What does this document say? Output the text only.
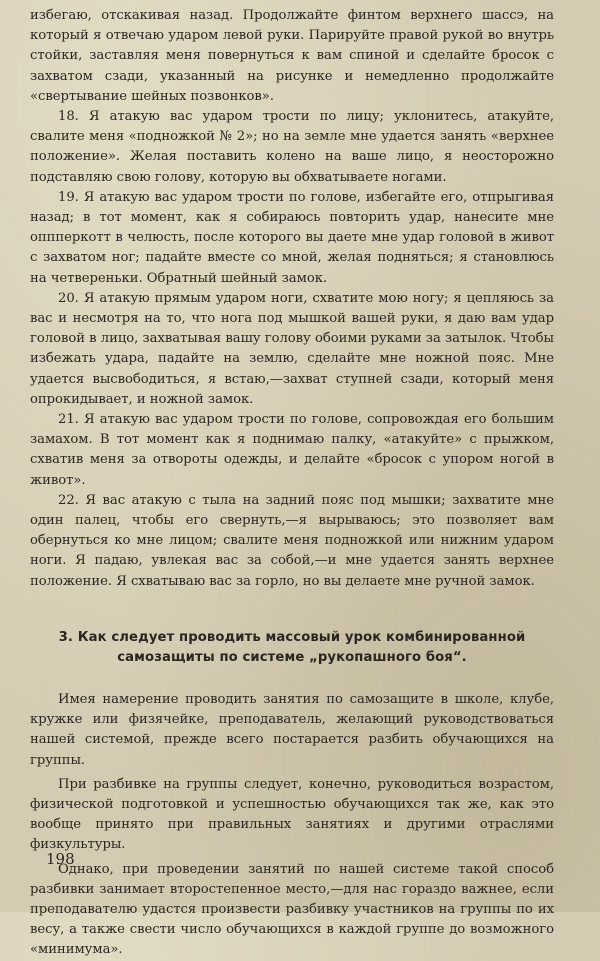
избегаю, отскакивая назад. Продолжайте финтом верхнего шассэ, на который я отвечаю ударом левой руки. Парируйте правой рукой во внутрь стойки, заставляя меня повернуться к вам спиной и сделайте бросок с захватом сзади, указанный на рисунке и немедленно продолжайте «свертывание шейных позвонков».

18. Я атакую вас ударом трости по лицу; уклонитесь, атакуйте, свалите меня «подножкой № 2»; но на земле мне удается занять «верхнее положение». Желая поставить колено на ваше лицо, я неосторожно подставляю свою голову, которую вы обхватываете ногами.

19. Я атакую вас ударом трости по голове, избегайте его, отпрыгивая назад; в тот момент, как я собираюсь повторить удар, нанесите мне оппперкотт в челюсть, после которого вы даете мне удар головой в живот с захватом ног; падайте вместе со мной, желая подняться; я становлюсь на четвереньки. Обратный шейный замок.

20. Я атакую прямым ударом ноги, схватите мою ногу; я цепляюсь за вас и несмотря на то, что нога под мышкой вашей руки, я даю вам удар головой в лицо, захватывая вашу голову обоими руками за затылок. Чтобы избежать удара, падайте на землю, сделайте мне ножной пояс. Мне удается высвободиться, я встаю,—захват ступней сзади, который меня опрокидывает, и ножной замок.

21. Я атакую вас ударом трости по голове, сопровождая его большим замахом. В тот момент как я поднимаю палку, «атакуйте» с прыжком, схватив меня за отвороты одежды, и делайте «бросок с упором ногой в живот».

22. Я вас атакую с тыла на задний пояс под мышки; захватите мне один палец, чтобы его свернуть,—я вырываюсь; это позволяет вам обернуться ко мне лицом; свалите меня подножкой или нижним ударом ноги. Я падаю, увлекая вас за собой,—и мне удается занять верхнее положение. Я схватываю вас за горло, но вы делаете мне ручной замок.

3. Как следует проводить массовый урок комбинированной самозащиты по системе „рукопашного боя“.

Имея намерение проводить занятия по самозащите в школе, клубе, кружке или физячейке, преподаватель, желающий руководствоваться нашей системой, прежде всего постарается разбить обучающихся на группы.

При разбивке на группы следует, конечно, руководиться возрастом, физической подготовкой и успешностью обучающихся так же, как это вообще принято при правильных занятиях и другими отраслями физкультуры.

Однако, при проведении занятий по нашей системе такой способ разбивки занимает второстепенное место,—для нас гораздо важнее, если преподавателю удастся произвести разбивку участников на группы по их весу, а также свести число обучающихся в каждой группе до возможного «минимума».

198
